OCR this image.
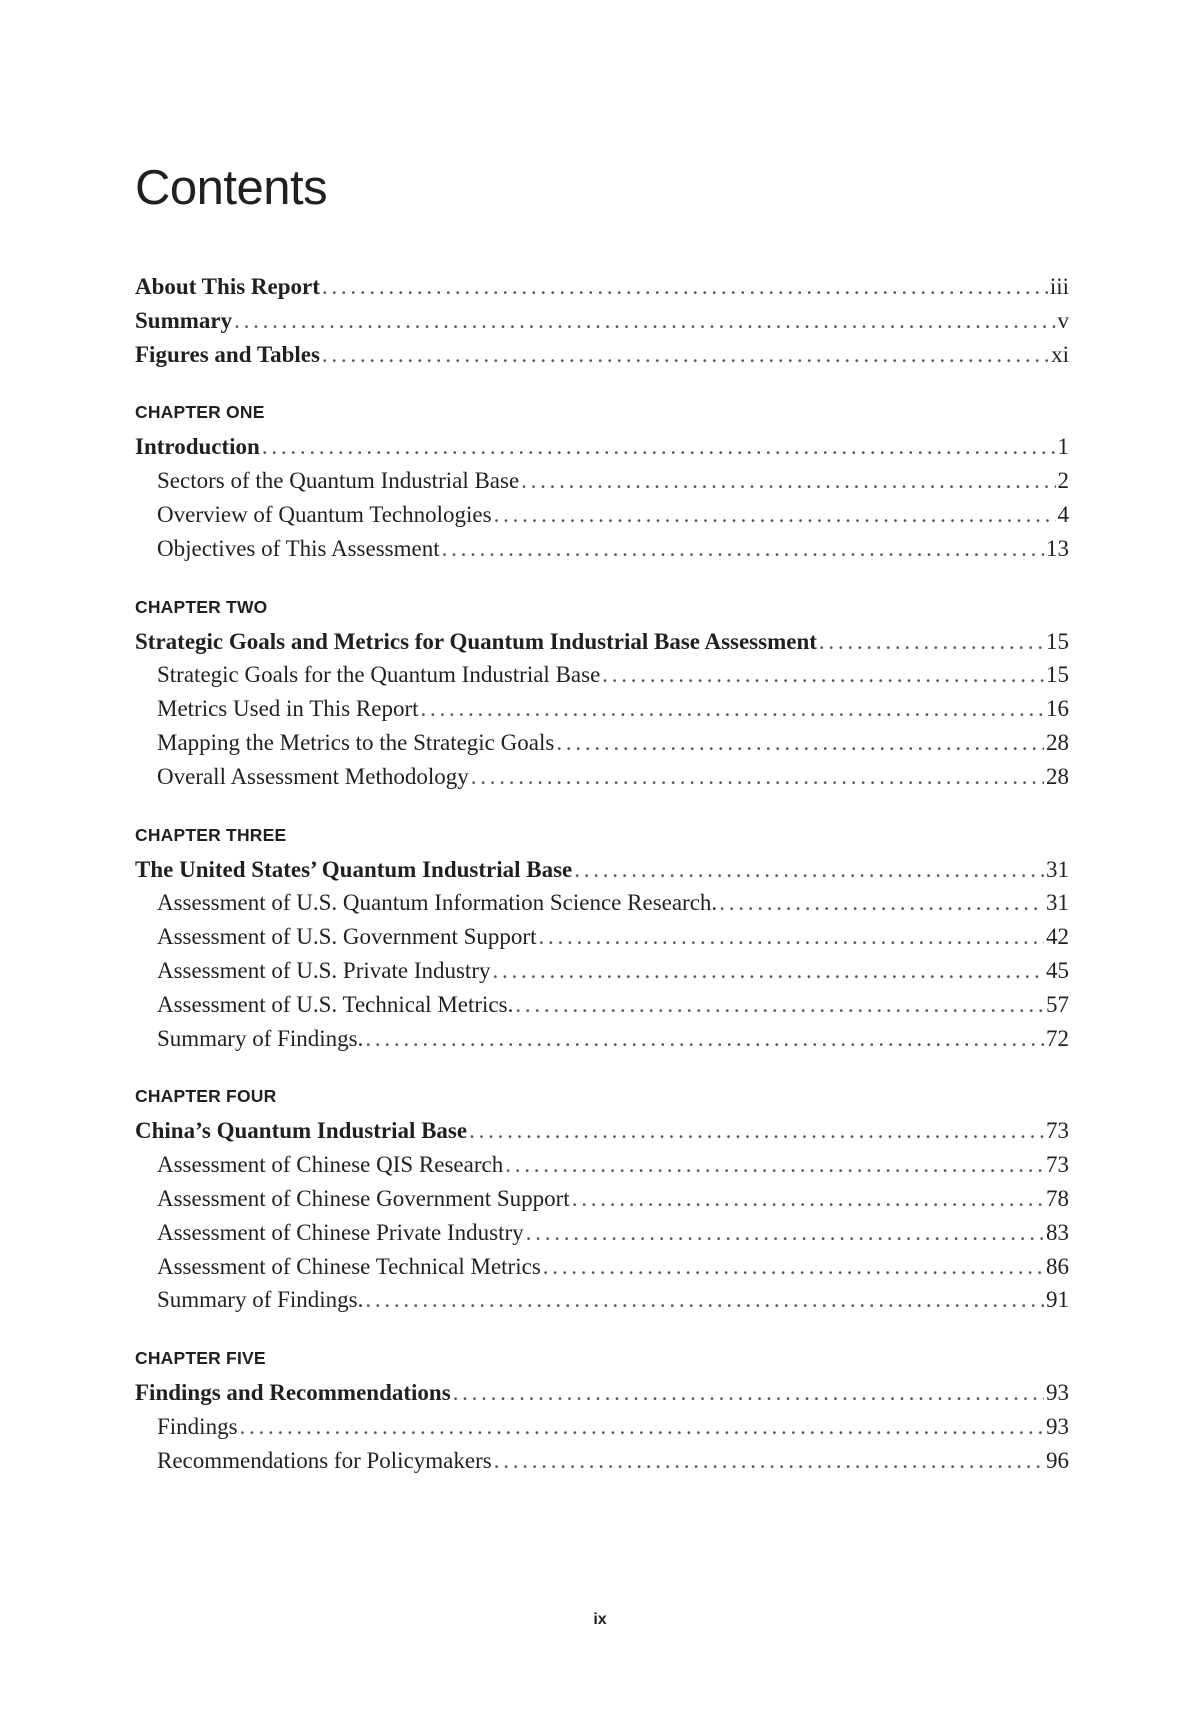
Contents
About This Report . . .	iii
Summary . . .	v
Figures and Tables . . .	xi
CHAPTER ONE
Introduction . . .	1
Sectors of the Quantum Industrial Base . . .	2
Overview of Quantum Technologies . . .	4
Objectives of This Assessment . . .	13
CHAPTER TWO
Strategic Goals and Metrics for Quantum Industrial Base Assessment . . .	15
Strategic Goals for the Quantum Industrial Base . . .	15
Metrics Used in This Report . . .	16
Mapping the Metrics to the Strategic Goals . . .	28
Overall Assessment Methodology . . .	28
CHAPTER THREE
The United States’ Quantum Industrial Base . . .	31
Assessment of U.S. Quantum Information Science Research. . . .	31
Assessment of U.S. Government Support . . .	42
Assessment of U.S. Private Industry . . .	45
Assessment of U.S. Technical Metrics. . . .	57
Summary of Findings. . . .	72
CHAPTER FOUR
China’s Quantum Industrial Base . . .	73
Assessment of Chinese QIS Research . . .	73
Assessment of Chinese Government Support . . .	78
Assessment of Chinese Private Industry . . .	83
Assessment of Chinese Technical Metrics . . .	86
Summary of Findings. . . .	91
CHAPTER FIVE
Findings and Recommendations . . .	93
Findings . . .	93
Recommendations for Policymakers . . .	96
ix
